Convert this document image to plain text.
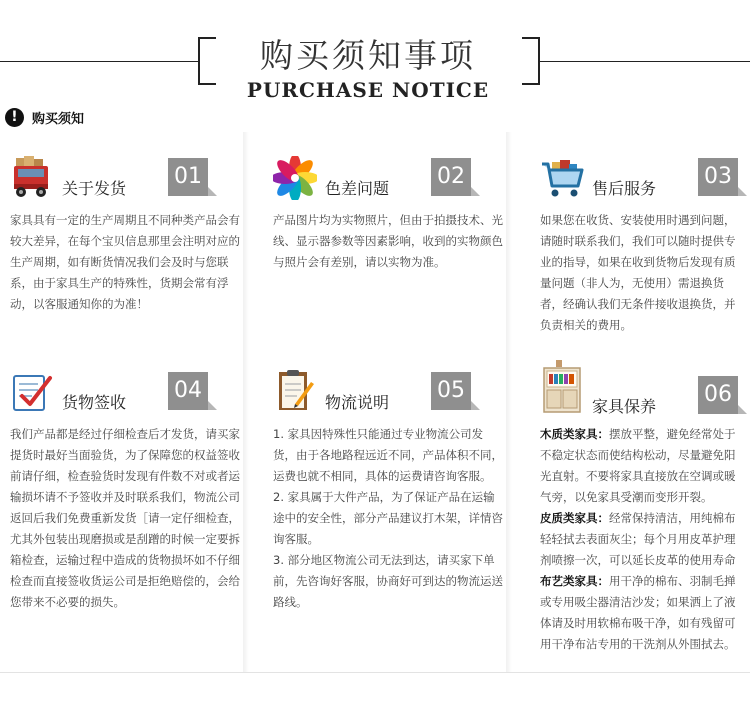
购买须知事项
PURCHASE NOTICE
!	购买须知
关于发货 01

家具具有一定的生产周期且不同种类产品会有较大差异，在每个宝贝信息那里会注明对应的生产周期，如有断货情况我们会及时与您联系，由于家具生产的特殊性，货期会常有浮动，以客服通知你的为准！

色差问题 02

产品图片均为实物照片，但由于拍摄技术、光线、显示器参数等因素影响，收到的实物颜色与照片会有差别，请以实物为准。

售后服务 03

如果您在收货、安装使用时遇到问题，请随时联系我们，我们可以随时提供专业的指导，如果在收到货物后发现有质量问题（非人为，无使用）需退换货者，经确认我们无条件接收退换货，并负责相关的费用。

货物签收 04

我们产品都是经过仔细检查后才发货，请买家提货时最好当面验货，为了保障您的权益签收前请仔细，检查验货时发现有件数不对或者运输损坏请不予签收并及时联系我们，物流公司返回后我们免费重新发货［请一定仔细检查，尤其外包装出现磨损或是刮蹭的时候一定要拆箱检查，运输过程中造成的货物损坏如不仔细检查而直接签收货运公司是拒绝赔偿的，会给您带来不必要的损失。

物流说明 05

1. 家具因特殊性只能通过专业物流公司发货，由于各地路程远近不同，产品体积不同，运费也就不相同，具体的运费请咨询客服。

2. 家具属于大件产品，为了保证产品在运输途中的安全性，部分产品建议打木架，详情咨询客服。

3. 部分地区物流公司无法到达，请买家下单前，先咨询好客服，协商好可到达的物流运送路线。

家具保养 06

木质类家具：摆放平整，避免经常处于不稳定状态而使结构松动，尽量避免阳光直射。不要将家具直接放在空调或暖气旁，以免家具受潮而变形开裂。

皮质类家具：经常保持清洁，用纯棉布轻轻拭去表面灰尘；每个月用皮革护理剂喷擦一次，可以延长皮革的使用寿命

布艺类家具：用干净的棉布、羽制毛掸或专用吸尘器清洁沙发；如果洒上了液体请及时用软棉布吸干净，如有残留可用干净布沾专用的干洗剂从外围拭去。
